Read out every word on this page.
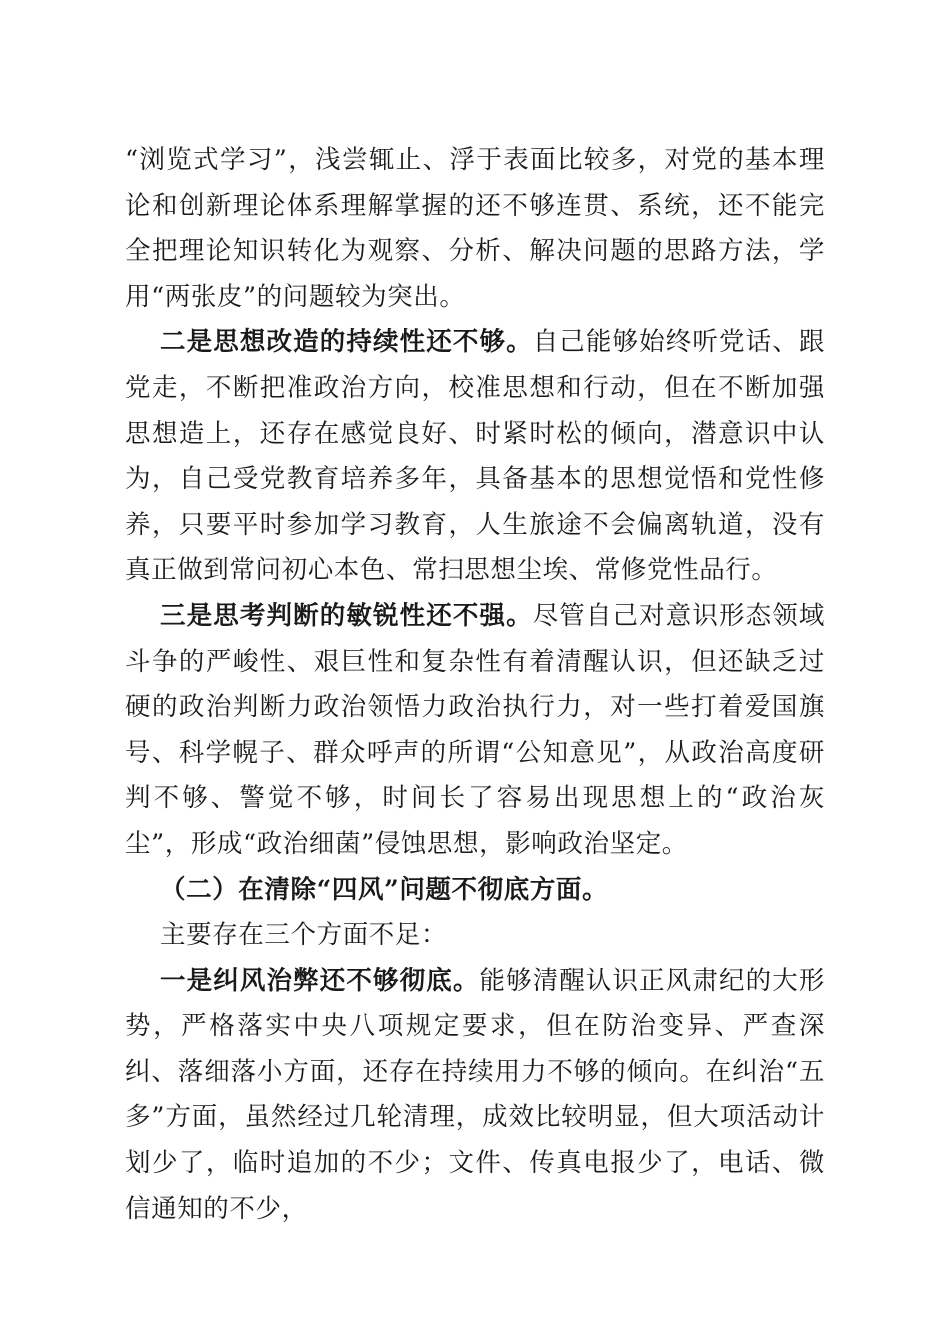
“浏览式学习”，浅尝辄止、浮于表面比较多，对党的基本理论和创新理论体系理解掌握的还不够连贯、系统，还不能完全把理论知识转化为观察、分析、解决问题的思路方法，学用“两张皮”的问题较为突出。

二是思想改造的持续性还不够。自己能够始终听党话、跟党走，不断把准政治方向，校准思想和行动，但在不断加强思想造上，还存在感觉良好、时紧时松的倾向，潜意识中认为，自己受党教育培养多年，具备基本的思想觉悟和党性修养，只要平时参加学习教育，人生旅途不会偏离轨道，没有真正做到常问初心本色、常扫思想尘埃、常修党性品行。

三是思考判断的敏锐性还不强。尽管自己对意识形态领域斗争的严峻性、艰巨性和复杂性有着清醒认识，但还缺乏过硬的政治判断力政治领悟力政治执行力，对一些打着爱国旗号、科学幌子、群众呼声的所谓“公知意见”，从政治高度研判不够、警觉不够，时间长了容易出现思想上的“政治灰尘”，形成“政治细菌”侵蚀思想，影响政治坚定。

（二）在清除“四风”问题不彻底方面。

主要存在三个方面不足：

一是纠风治弊还不够彻底。能够清醒认识正风肃纪的大形势，严格落实中央八项规定要求，但在防治变异、严查深纠、落细落小方面，还存在持续用力不够的倾向。在纠治“五多”方面，虽然经过几轮清理，成效比较明显，但大项活动计划少了，临时追加的不少；文件、传真电报少了，电话、微信通知的不少，
